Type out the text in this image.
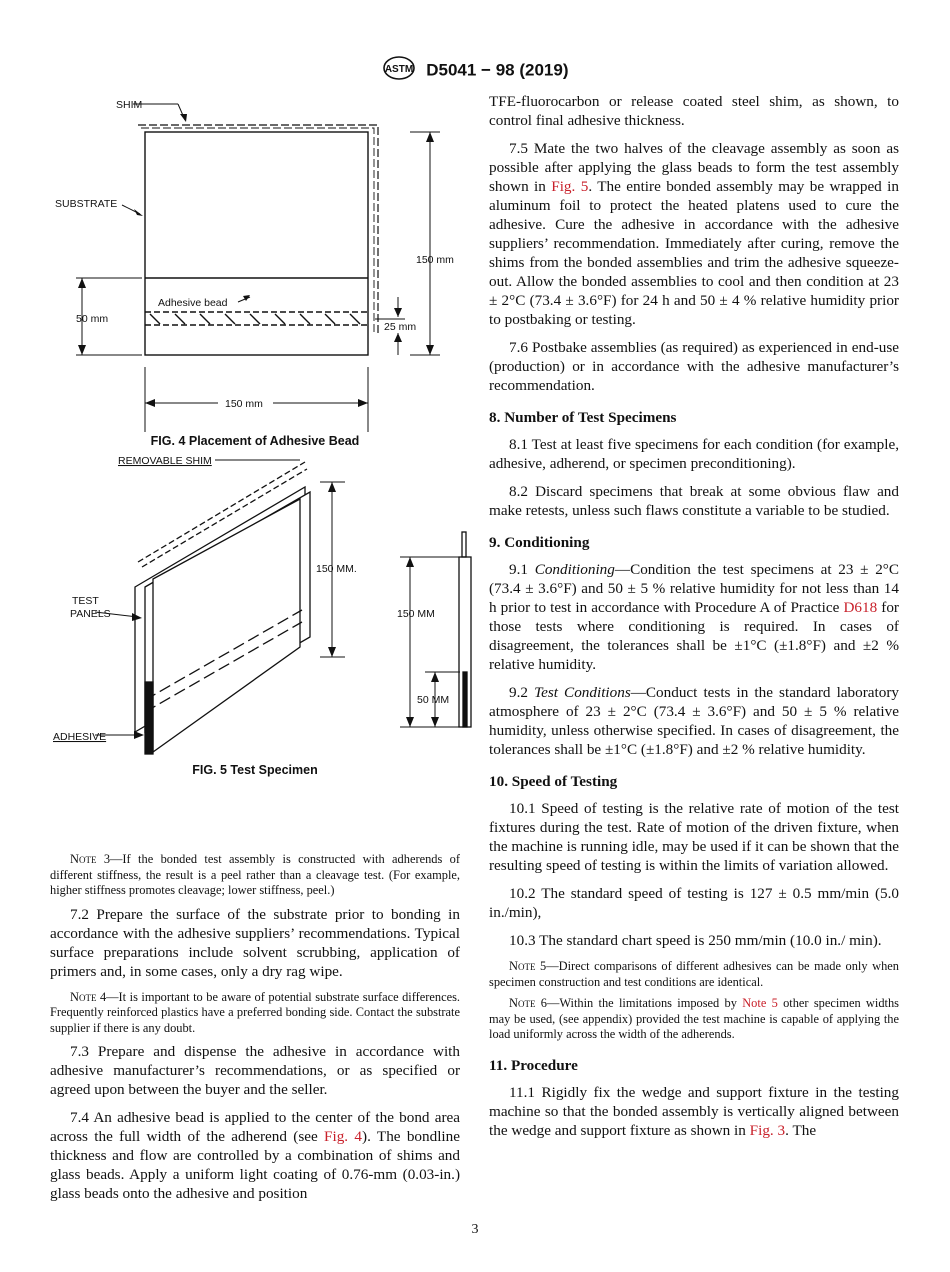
ASTM D5041 − 98 (2019)
SHIM
SUBSTRATE
Adhesive bead
150 mm
50 mm
25 mm
150 mm
FIG. 4 Placement of Adhesive Bead
REMOVABLE SHIM
TEST
PANELS
ADHESIVE
150 MM.
150 MM
50 MM
FIG. 5 Test Specimen

Note 3—If the bonded test assembly is constructed with adherends of different stiffness, the result is a peel rather than a cleavage test. (For example, higher stiffness promotes cleavage; lower stiffness, peel.)

7.2 Prepare the surface of the substrate prior to bonding in accordance with the adhesive suppliers’ recommendations. Typical surface preparations include solvent scrubbing, application of primers and, in some cases, only a dry rag wipe.

Note 4—It is important to be aware of potential substrate surface differences. Frequently reinforced plastics have a preferred bonding side. Contact the substrate supplier if there is any doubt.

7.3 Prepare and dispense the adhesive in accordance with adhesive manufacturer’s recommendations, or as specified or agreed upon between the buyer and the seller.

7.4 An adhesive bead is applied to the center of the bond area across the full width of the adherend (see Fig. 4). The bondline thickness and flow are controlled by a combination of shims and glass beads. Apply a uniform light coating of 0.76-mm (0.03-in.) glass beads onto the adhesive and position

TFE-fluorocarbon or release coated steel shim, as shown, to control final adhesive thickness.

7.5 Mate the two halves of the cleavage assembly as soon as possible after applying the glass beads to form the test assembly shown in Fig. 5. The entire bonded assembly may be wrapped in aluminum foil to protect the heated platens used to cure the adhesive. Cure the adhesive in accordance with the adhesive suppliers’ recommendation. Immediately after curing, remove the shims from the bonded assemblies and trim the adhesive squeeze-out. Allow the bonded assemblies to cool and then condition at 23 ± 2°C (73.4 ± 3.6°F) for 24 h and 50 ± 4 % relative humidity prior to postbaking or testing.

7.6 Postbake assemblies (as required) as experienced in end-use (production) or in accordance with the adhesive manufacturer’s recommendation.

8. Number of Test Specimens

8.1 Test at least five specimens for each condition (for example, adhesive, adherend, or specimen preconditioning).

8.2 Discard specimens that break at some obvious flaw and make retests, unless such flaws constitute a variable to be studied.

9. Conditioning

9.1 Conditioning—Condition the test specimens at 23 ± 2°C (73.4 ± 3.6°F) and 50 ± 5 % relative humidity for not less than 14 h prior to test in accordance with Procedure A of Practice D618 for those tests where conditioning is required. In cases of disagreement, the tolerances shall be ±1°C (±1.8°F) and ±2 % relative humidity.

9.2 Test Conditions—Conduct tests in the standard laboratory atmosphere of 23 ± 2°C (73.4 ± 3.6°F) and 50 ± 5 % relative humidity, unless otherwise specified. In cases of disagreement, the tolerances shall be ±1°C (±1.8°F) and ±2 % relative humidity.

10. Speed of Testing

10.1 Speed of testing is the relative rate of motion of the test fixtures during the test. Rate of motion of the driven fixture, when the machine is running idle, may be used if it can be shown that the resulting speed of testing is within the limits of variation allowed.

10.2 The standard speed of testing is 127 ± 0.5 mm/min (5.0 in./min),

10.3 The standard chart speed is 250 mm/min (10.0 in./ min).

Note 5—Direct comparisons of different adhesives can be made only when specimen construction and test conditions are identical.

Note 6—Within the limitations imposed by Note 5 other specimen widths may be used, (see appendix) provided the test machine is capable of applying the load uniformly across the width of the adherends.

11. Procedure

11.1 Rigidly fix the wedge and support fixture in the testing machine so that the bonded assembly is vertically aligned between the wedge and support fixture as shown in Fig. 3. The

3
